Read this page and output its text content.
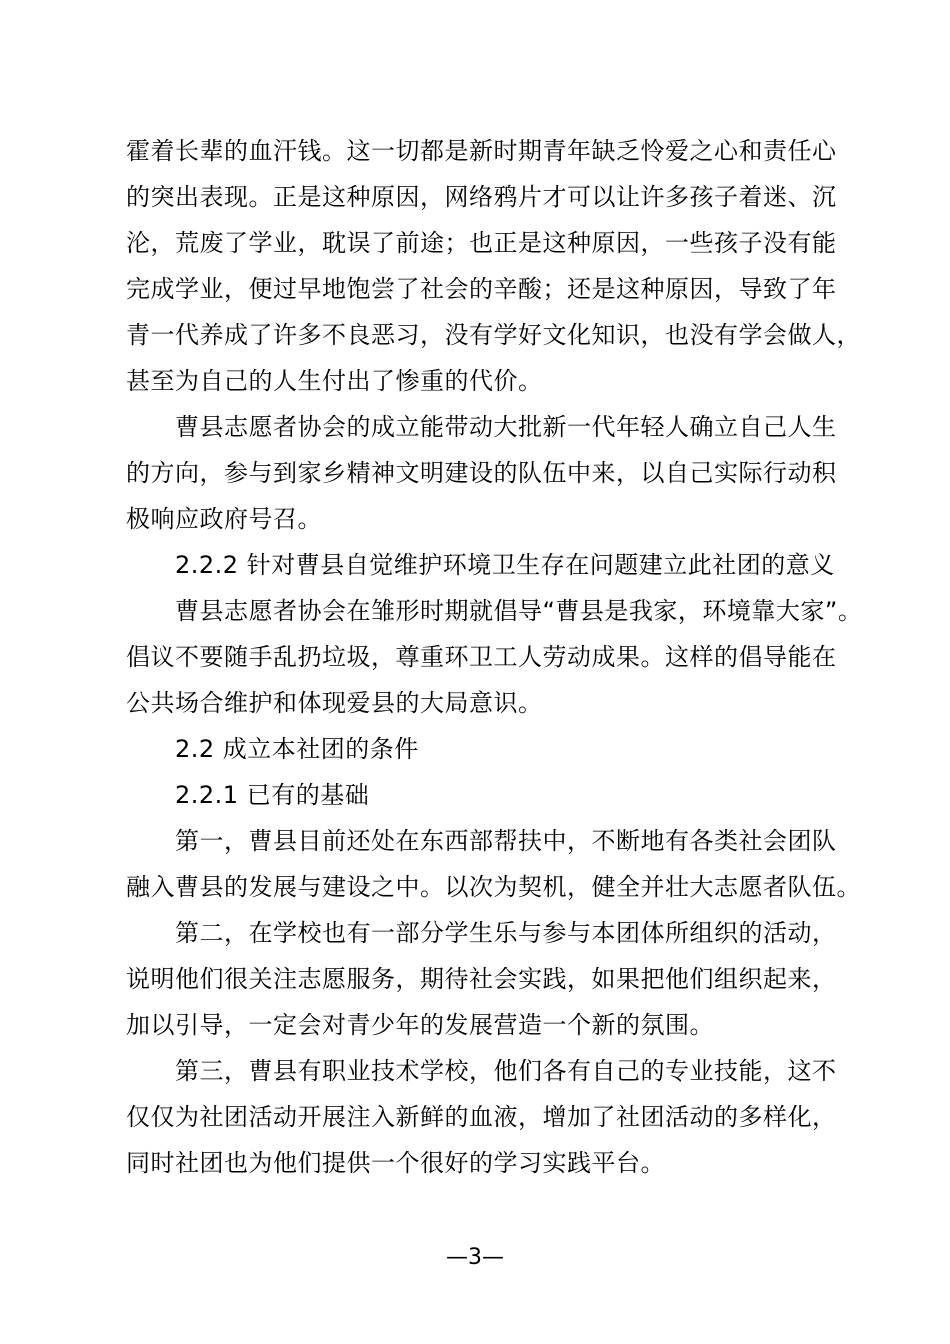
霍着长辈的血汗钱。这一切都是新时期青年缺乏怜爱之心和责任心
的突出表现。正是这种原因，网络鸦片才可以让许多孩子着迷、沉
沦，荒废了学业，耽误了前途；也正是这种原因，一些孩子没有能
完成学业，便过早地饱尝了社会的辛酸；还是这种原因，导致了年
青一代养成了许多不良恶习，没有学好文化知识，也没有学会做人，
甚至为自己的人生付出了惨重的代价。
曹县志愿者协会的成立能带动大批新一代年轻人确立自己人生
的方向，参与到家乡精神文明建设的队伍中来，以自己实际行动积
极响应政府号召。
2.2.2 针对曹县自觉维护环境卫生存在问题建立此社团的意义
曹县志愿者协会在雏形时期就倡导“曹县是我家，环境靠大家”。
倡议不要随手乱扔垃圾，尊重环卫工人劳动成果。这样的倡导能在
公共场合维护和体现爱县的大局意识。
2.2 成立本社团的条件
2.2.1 已有的基础
第一，曹县目前还处在东西部帮扶中，不断地有各类社会团队
融入曹县的发展与建设之中。以次为契机，健全并壮大志愿者队伍。
第二，在学校也有一部分学生乐与参与本团体所组织的活动，
说明他们很关注志愿服务，期待社会实践，如果把他们组织起来，
加以引导，一定会对青少年的发展营造一个新的氛围。
第三，曹县有职业技术学校，他们各有自己的专业技能，这不
仅仅为社团活动开展注入新鲜的血液，增加了社团活动的多样化，
同时社团也为他们提供一个很好的学习实践平台。
—3—
